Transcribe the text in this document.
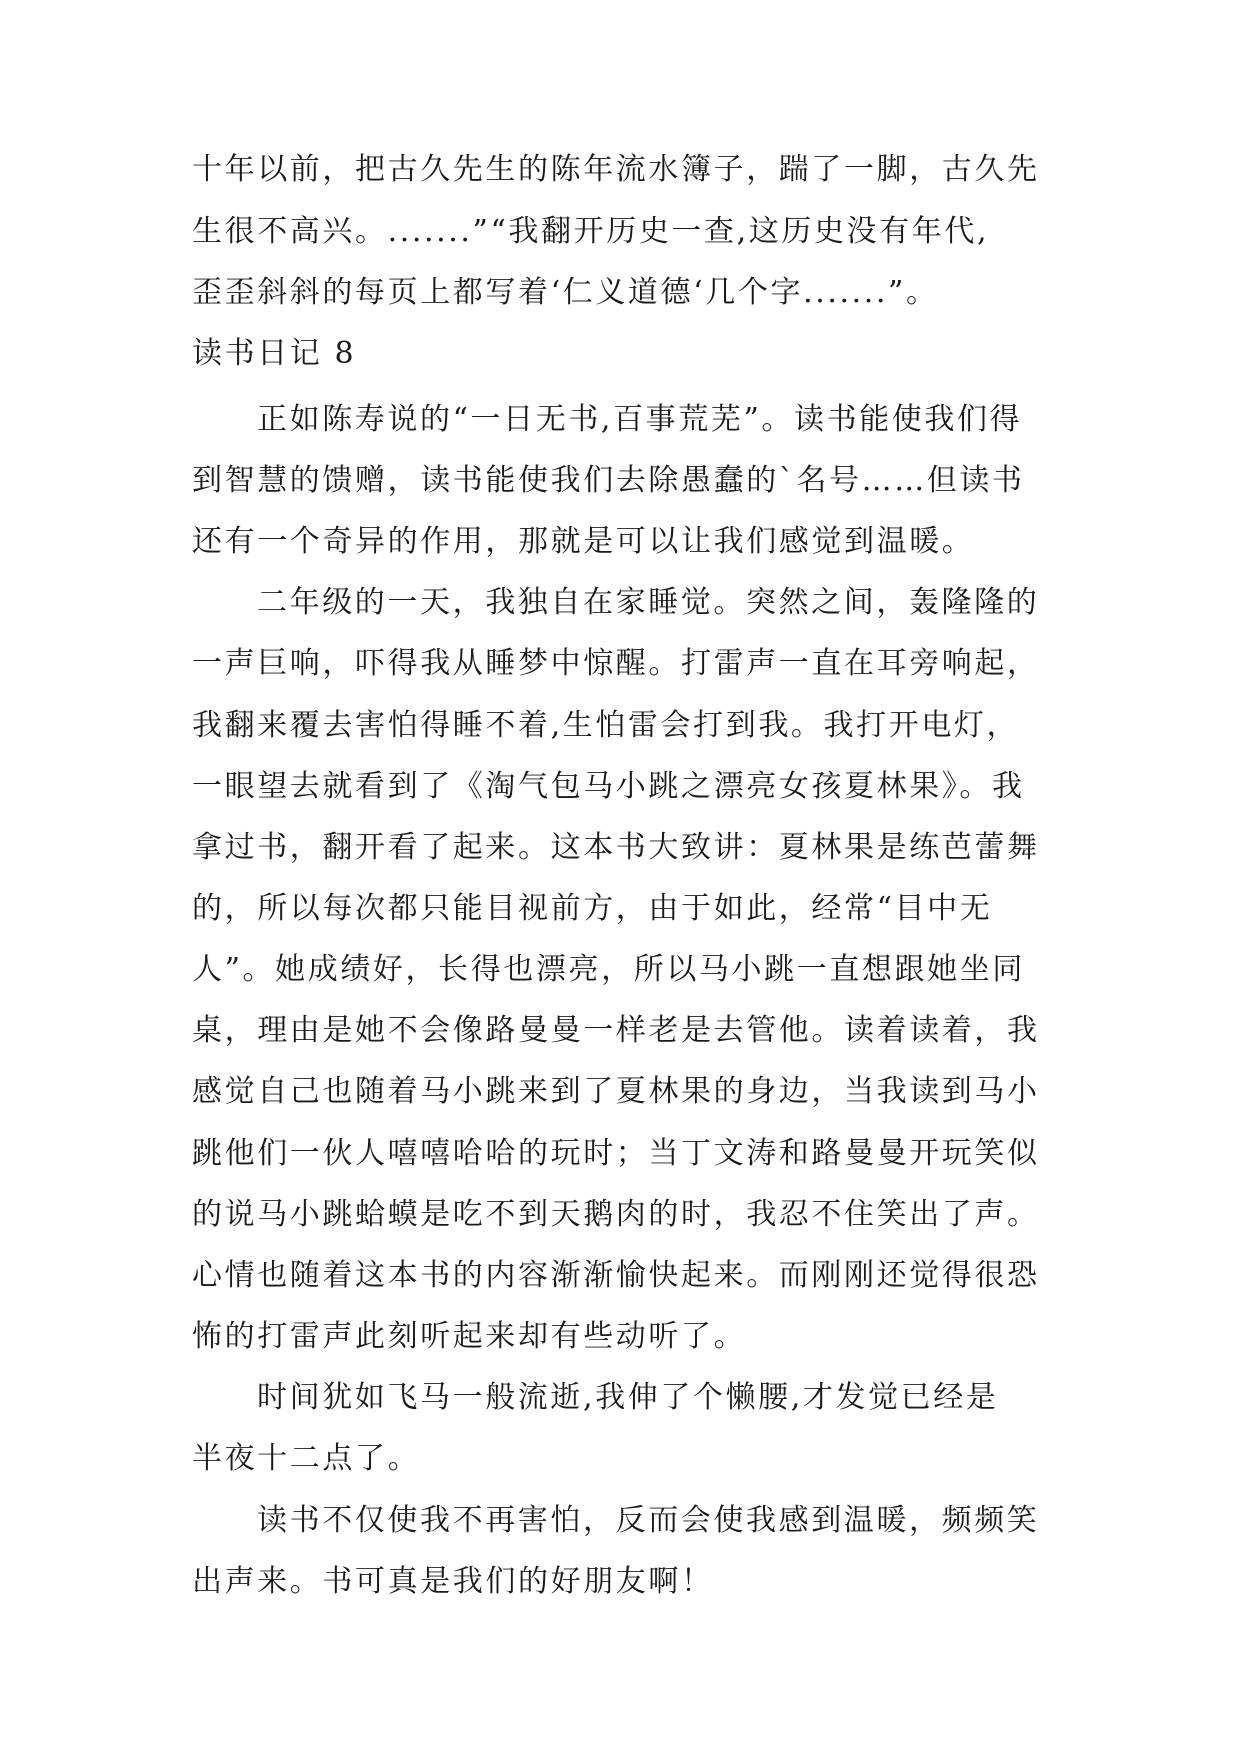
十年以前，把古久先生的陈年流水簿子，踹了一脚，古久先
生很不高兴。.......”“我翻开历史一查,这历史没有年代,
歪歪斜斜的每页上都写着‘仁义道德‘几个字.......”。
读书日记 8
正如陈寿说的“一日无书,百事荒芜”。读书能使我们得
到智慧的馈赠，读书能使我们去除愚蠢的`名号……但读书
还有一个奇异的作用，那就是可以让我们感觉到温暖。
二年级的一天，我独自在家睡觉。突然之间，轰隆隆的
一声巨响，吓得我从睡梦中惊醒。打雷声一直在耳旁响起，
我翻来覆去害怕得睡不着,生怕雷会打到我。我打开电灯，
一眼望去就看到了《淘气包马小跳之漂亮女孩夏林果》。我
拿过书，翻开看了起来。这本书大致讲：夏林果是练芭蕾舞
的，所以每次都只能目视前方，由于如此，经常“目中无
人”。她成绩好，长得也漂亮，所以马小跳一直想跟她坐同
桌，理由是她不会像路曼曼一样老是去管他。读着读着，我
感觉自己也随着马小跳来到了夏林果的身边，当我读到马小
跳他们一伙人嘻嘻哈哈的玩时；当丁文涛和路曼曼开玩笑似
的说马小跳蛤蟆是吃不到天鹅肉的时，我忍不住笑出了声。
心情也随着这本书的内容渐渐愉快起来。而刚刚还觉得很恐
怖的打雷声此刻听起来却有些动听了。
时间犹如飞马一般流逝,我伸了个懒腰,才发觉已经是
半夜十二点了。
读书不仅使我不再害怕，反而会使我感到温暖，频频笑
出声来。书可真是我们的好朋友啊！
